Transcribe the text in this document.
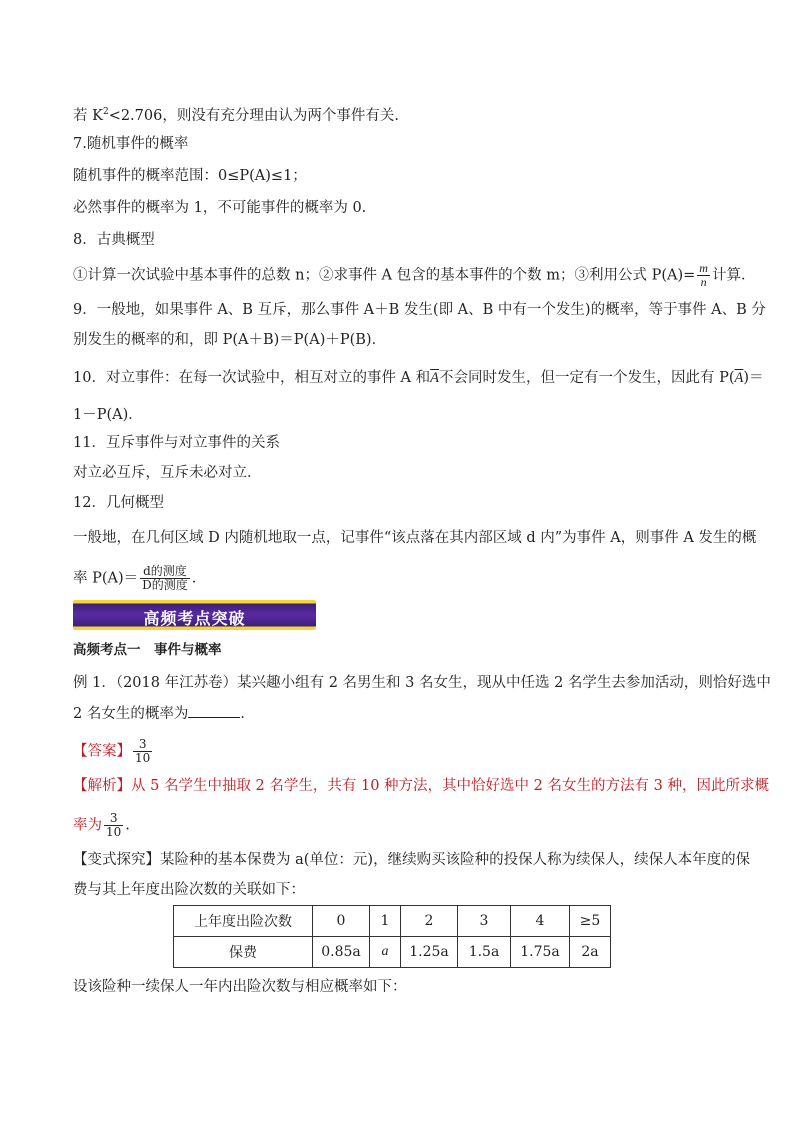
若 $K^2<2.706$，则没有充分理由认为两个事件有关.
7.随机事件的概率
随机事件的概率范围：0≤P(A)≤1；
必然事件的概率为 1，不可能事件的概率为 0.
8．古典概型
①计算一次试验中基本事件的总数 n；②求事件 A 包含的基本事件的个数 m；③利用公式 $P(A)= \frac{m}{n}$ 计算．
9．一般地，如果事件 A、B 互斥，那么事件 A＋B 发生(即 A、B 中有一个发生)的概率，等于事件 A、B 分
别发生的概率的和，即 P(A＋B)＝P(A)＋P(B)．
10．对立事件：在每一次试验中，相互对立的事件 A 和$\overline{A}$不会同时发生，但一定有一个发生，因此有 $P(\overline{A})=$
1－P(A)．
11．互斥事件与对立事件的关系
对立必互斥，互斥未必对立．
12．几何概型
一般地，在几何区域 D 内随机地取一点，记事件“该点落在其内部区域 d 内”为事件 A，则事件 A 发生的概
率 $P(A)= \frac{\text{d的测度}}{\text{D的测度}}$ .
高频考点突破
高频考点一　事件与概率
例 1．（2018 年江苏卷）某兴趣小组有 2 名男生和 3 名女生，现从中任选 2 名学生去参加活动，则恰好选中
2 名女生的概率为	．
【答案】 $\frac{3}{10}$
【解析】从 5 名学生中抽取 2 名学生，共有 10 种方法，其中恰好选中 2 名女生的方法有 3 种，因此所求概
率为 $\frac{3}{10}$ .
【变式探究】某险种的基本保费为 a(单位：元)，继续购买该险种的投保人称为续保人，续保人本年度的保
费与其上年度出险次数的关联如下：
上年度出险次数	0	1	2	3	4	≥5
保费	0.85a	a	1.25a	1.5a	1.75a	2a
设该险种一续保人一年内出险次数与相应概率如下：
